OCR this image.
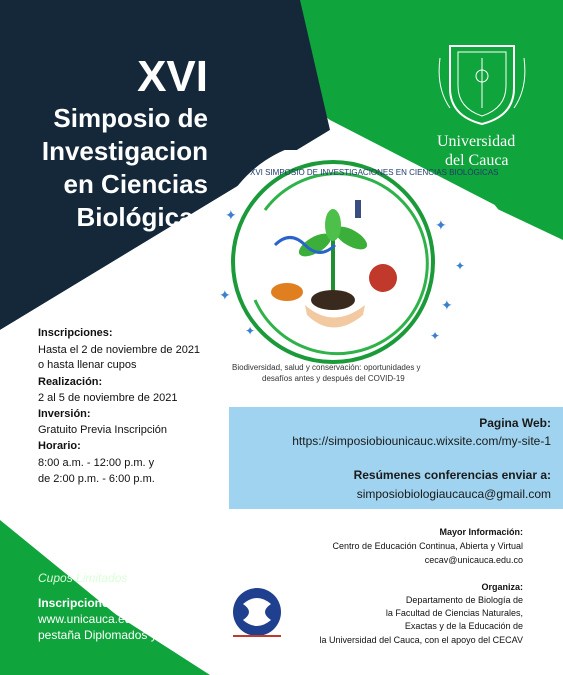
✦
✦
✦
✦
✦	✦
✦
XVI SIMPOSIO DE INVESTIGACIONES EN CIENCIAS BIOLÓGICAS
Biodiversidad, salud y conservación: oportunidades y
desafíos antes y después del COVID-19
XVI
Simposio de
Investigacion
en Ciencias
Biológicas
Universidad
del Cauca
Inscripciones:
Hasta el 2 de noviembre de 2021
o hasta llenar cupos
Realización:
2 al 5 de noviembre de 2021
Inversión:
Gratuito Previa Inscripción
Horario:
8:00 a.m. - 12:00 p.m. y
de 2:00 p.m. - 6:00 p.m.
Pagina Web:
https://simposiobiounicauc.wixsite.com/my-site-1
Resúmenes conferencias enviar a:
simposiobiologiaucauca@gmail.com
Mayor Información:
Centro de Educación Continua, Abierta y Virtual
cecav@unicauca.edu.co
Organiza:
Departamento de Biología de
la Facultad de Ciencias Naturales,
Exactas y de la Educación de
la Universidad del Cauca, con el apoyo del CECAV
Cupos Limitados
Inscripciones:
www.unicauca.edu.co
pestaña Diplomados y Cursos
